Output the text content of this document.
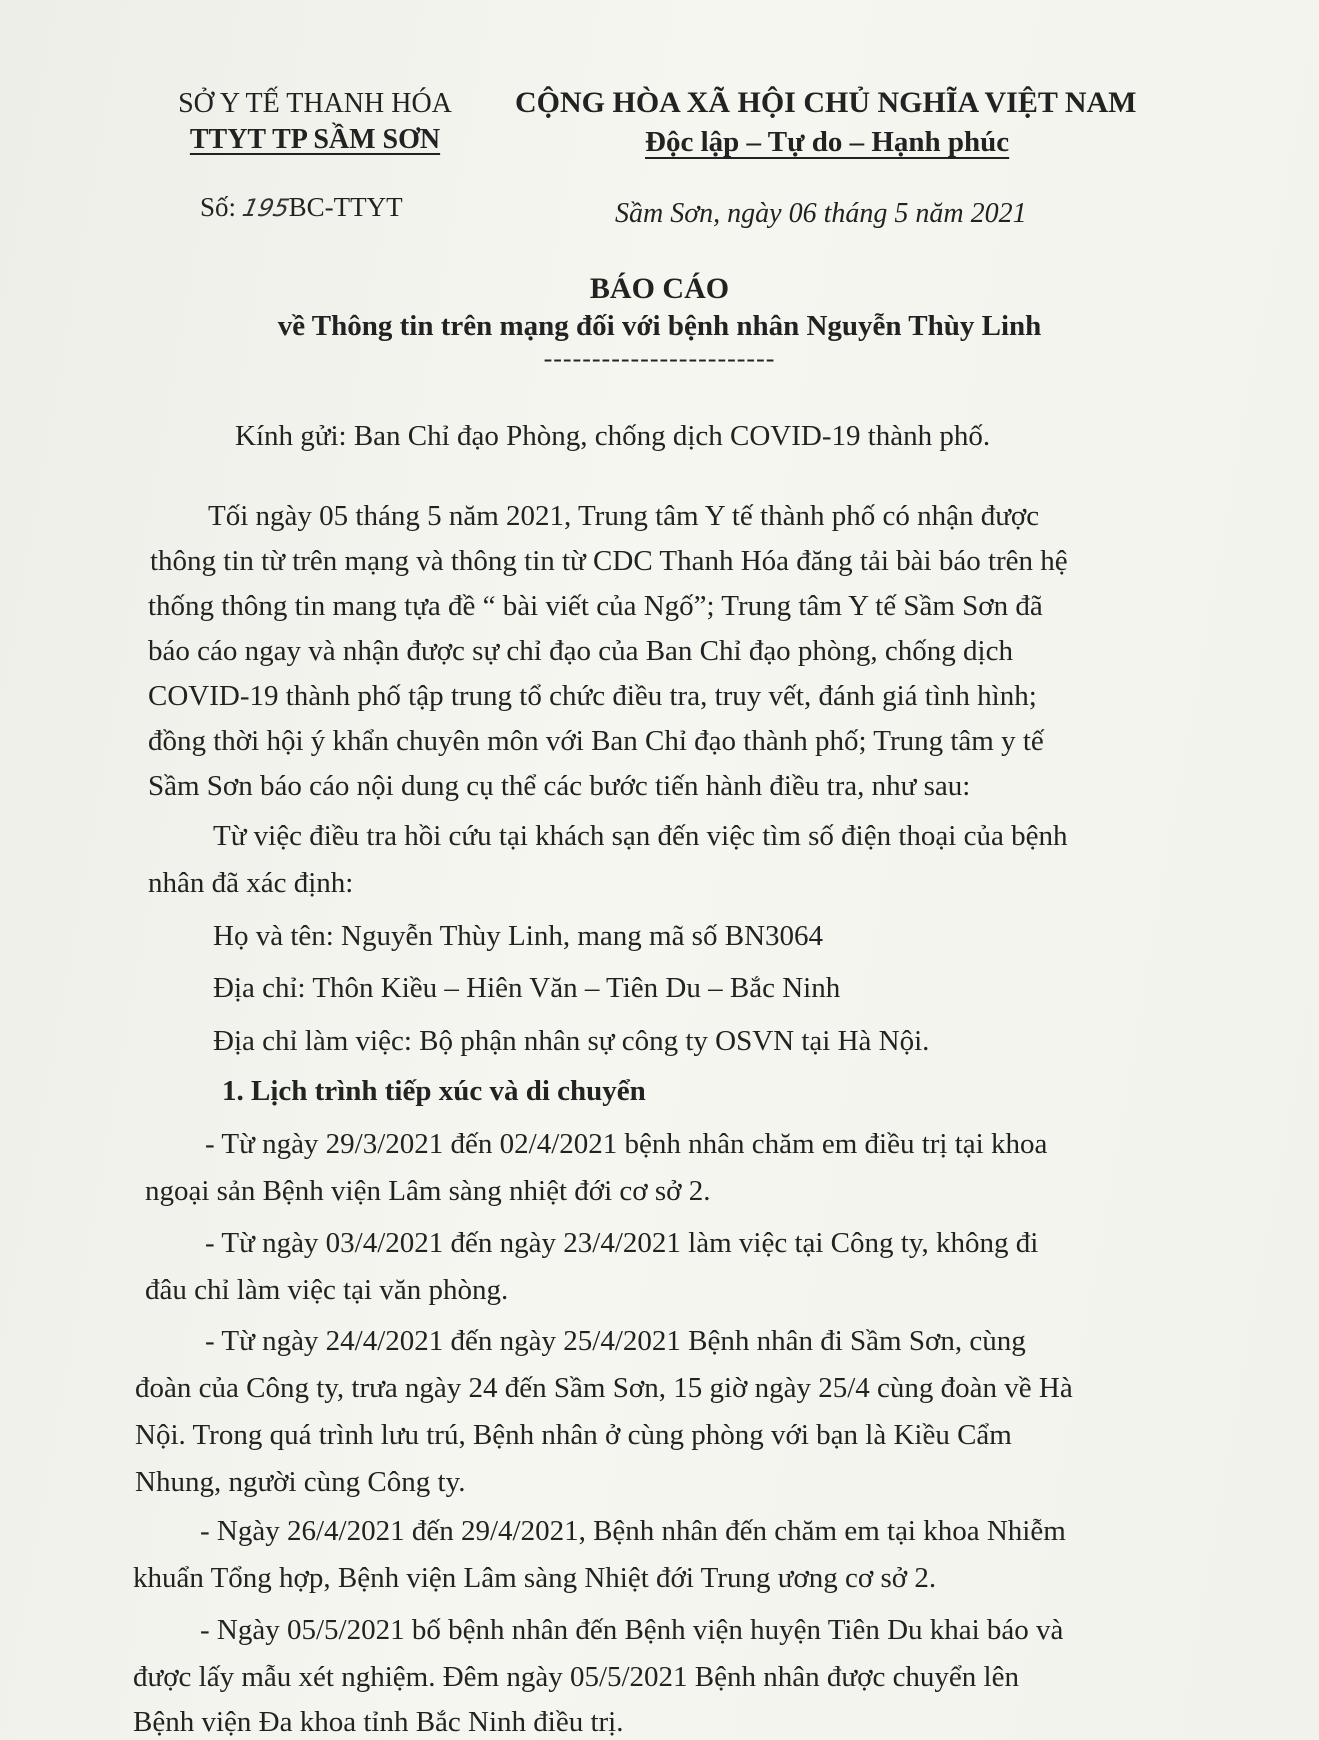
SỞ Y TẾ THANH HÓA
TTYT TP SẦM SƠN
CỘNG HÒA XÃ HỘI CHỦ NGHĨA VIỆT NAM
Độc lập – Tự do – Hạnh phúc
Số: 195BC-TTYT	Sầm Sơn, ngày 06 tháng 5 năm 2021
BÁO CÁO
về Thông tin trên mạng đối với bệnh nhân Nguyễn Thùy Linh
------------------------
Kính gửi: Ban Chỉ đạo Phòng, chống dịch COVID-19 thành phố.
Tối ngày 05 tháng 5 năm 2021, Trung tâm Y tế thành phố có nhận được
thông tin từ trên mạng và thông tin từ CDC Thanh Hóa đăng tải bài báo trên hệ
thống thông tin mang tựa đề “ bài viết của Ngố”; Trung tâm Y tế Sầm Sơn đã
báo cáo ngay và nhận được sự chỉ đạo của Ban Chỉ đạo phòng, chống dịch
COVID-19 thành phố tập trung tổ chức điều tra, truy vết, đánh giá tình hình;
đồng thời hội ý khẩn chuyên môn với Ban Chỉ đạo thành phố; Trung tâm y tế
Sầm Sơn báo cáo nội dung cụ thể các bước tiến hành điều tra, như sau:
Từ việc điều tra hồi cứu tại khách sạn đến việc tìm số điện thoại của bệnh
nhân đã xác định:
Họ và tên: Nguyễn Thùy Linh, mang mã số BN3064
Địa chỉ: Thôn Kiều – Hiên Văn – Tiên Du – Bắc Ninh
Địa chỉ làm việc: Bộ phận nhân sự công ty OSVN tại Hà Nội.
1. Lịch trình tiếp xúc và di chuyển
- Từ ngày 29/3/2021 đến 02/4/2021 bệnh nhân chăm em điều trị tại khoa
ngoại sản Bệnh viện Lâm sàng nhiệt đới cơ sở 2.
- Từ ngày 03/4/2021 đến ngày 23/4/2021 làm việc tại Công ty, không đi
đâu chỉ làm việc tại văn phòng.
- Từ ngày 24/4/2021 đến ngày 25/4/2021 Bệnh nhân đi Sầm Sơn, cùng
đoàn của Công ty, trưa ngày 24 đến Sầm Sơn, 15 giờ ngày 25/4 cùng đoàn về Hà
Nội. Trong quá trình lưu trú, Bệnh nhân ở cùng phòng với bạn là Kiều Cẩm
Nhung, người cùng Công ty.
- Ngày 26/4/2021 đến 29/4/2021, Bệnh nhân đến chăm em tại khoa Nhiễm
khuẩn Tổng hợp, Bệnh viện Lâm sàng Nhiệt đới Trung ương cơ sở 2.
- Ngày 05/5/2021 bố bệnh nhân đến Bệnh viện huyện Tiên Du khai báo và
được lấy mẫu xét nghiệm. Đêm ngày 05/5/2021 Bệnh nhân được chuyển lên
Bệnh viện Đa khoa tỉnh Bắc Ninh điều trị.
